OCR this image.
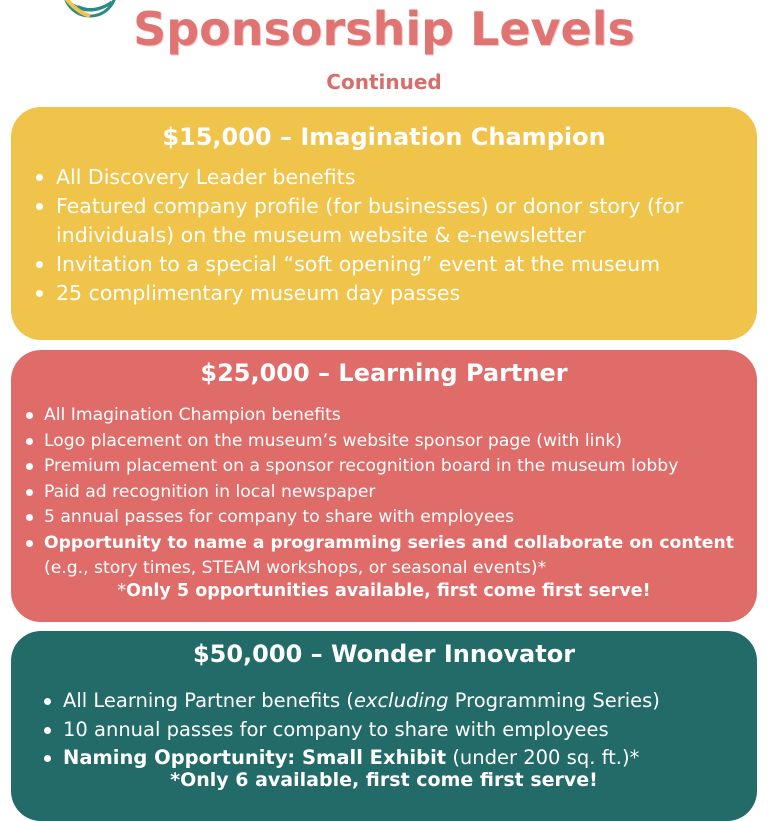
Sponsorship Levels
Continued
$15,000 – Imagination Champion
All Discovery Leader benefits
Featured company profile (for businesses) or donor story (for individuals) on the museum website & e-newsletter
Invitation to a special “soft opening” event at the museum
25 complimentary museum day passes
$25,000 – Learning Partner
All Imagination Champion benefits
Logo placement on the museum’s website sponsor page (with link)
Premium placement on a sponsor recognition board in the museum lobby
Paid ad recognition in local newspaper
5 annual passes for company to share with employees
Opportunity to name a programming series and collaborate on content
(e.g., story times, STEAM workshops, or seasonal events)*
*Only 5 opportunities available, first come first serve!
$50,000 – Wonder Innovator
All Learning Partner benefits (excluding Programming Series)
10 annual passes for company to share with employees
Naming Opportunity: Small Exhibit (under 200 sq. ft.)*
*Only 6 available, first come first serve!
